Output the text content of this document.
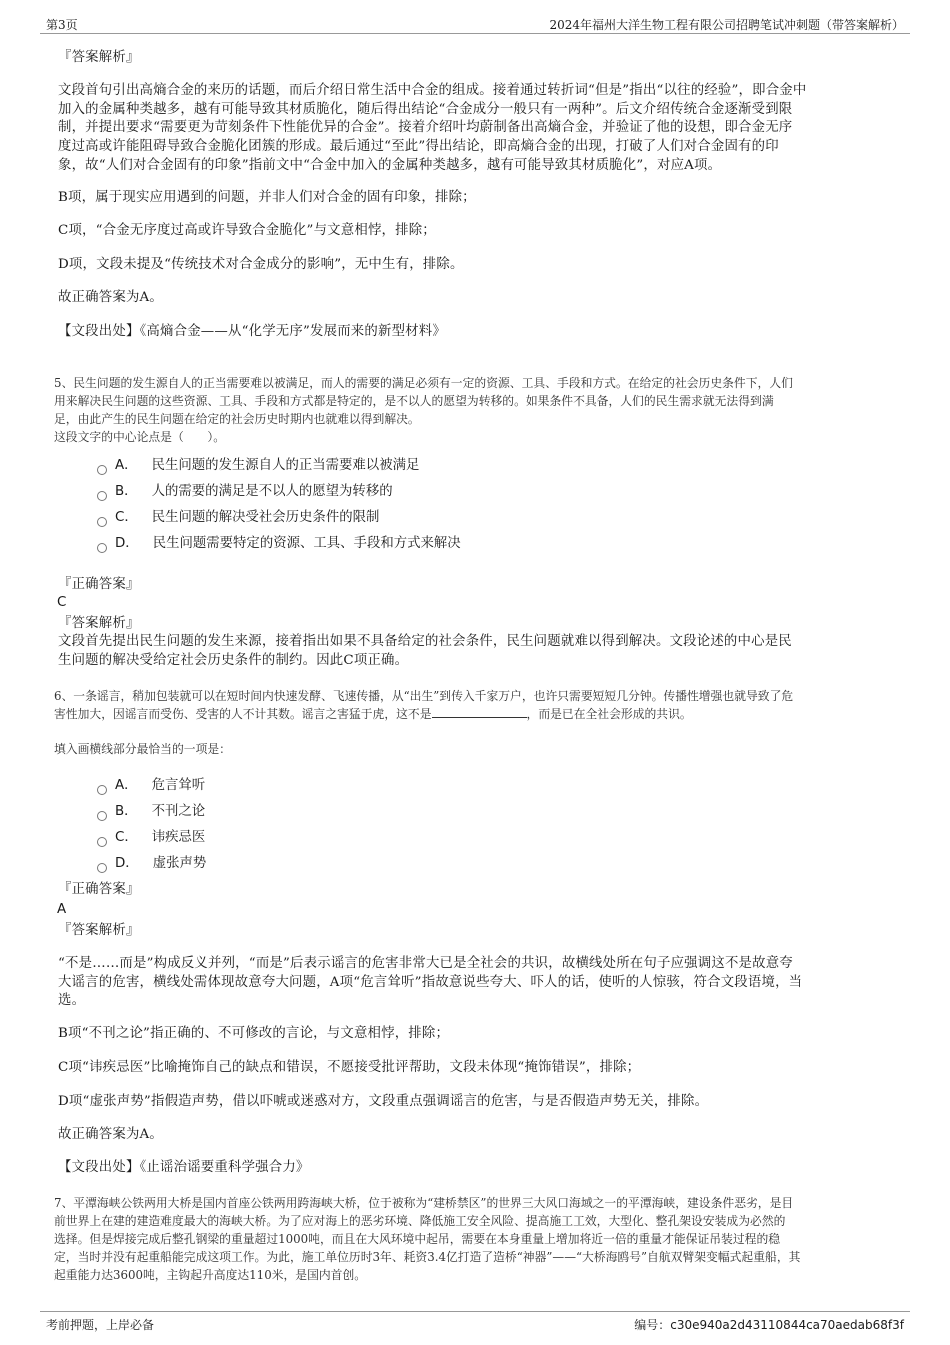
第3页	2024年福州大洋生物工程有限公司招聘笔试冲刺题（带答案解析）
『答案解析』
文段首句引出高熵合金的来历的话题，而后介绍日常生活中合金的组成。接着通过转折词“但是”指出“以往的经验”，即合金中
加入的金属种类越多，越有可能导致其材质脆化，随后得出结论“合金成分一般只有一两种”。后文介绍传统合金逐渐受到限
制，并提出要求“需要更为苛刻条件下性能优异的合金”。接着介绍叶均蔚制备出高熵合金，并验证了他的设想，即合金无序
度过高或许能阻碍导致合金脆化团簇的形成。最后通过“至此”得出结论，即高熵合金的出现，打破了人们对合金固有的印
象，故“人们对合金固有的印象”指前文中“合金中加入的金属种类越多，越有可能导致其材质脆化”，对应A项。
B项，属于现实应用遇到的问题，并非人们对合金的固有印象，排除；
C项，“合金无序度过高或许导致合金脆化”与文意相悖，排除；
D项，文段未提及“传统技术对合金成分的影响”，无中生有，排除。
故正确答案为A。
【文段出处】《高熵合金——从“化学无序”发展而来的新型材料》
5、民生问题的发生源自人的正当需要难以被满足，而人的需要的满足必须有一定的资源、工具、手段和方式。在给定的社会历史条件下，人们
用来解决民生问题的这些资源、工具、手段和方式都是特定的，是不以人的愿望为转移的。如果条件不具备，人们的民生需求就无法得到满
足，由此产生的民生问题在给定的社会历史时期内也就难以得到解决。
这段文字的中心论点是（　　）。
A． 民生问题的发生源自人的正当需要难以被满足
B． 人的需要的满足是不以人的愿望为转移的
C． 民生问题的解决受社会历史条件的限制
D． 民生问题需要特定的资源、工具、手段和方式来解决
『正确答案』
C
『答案解析』
文段首先提出民生问题的发生来源，接着指出如果不具备给定的社会条件，民生问题就难以得到解决。文段论述的中心是民
生问题的解决受给定社会历史条件的制约。因此C项正确。
6、一条谣言，稍加包装就可以在短时间内快速发酵、飞速传播，从“出生”到传入千家万户，也许只需要短短几分钟。传播性增强也就导致了危
害性加大，因谣言而受伤、受害的人不计其数。谣言之害猛于虎，这不是	，而是已在全社会形成的共识。
填入画横线部分最恰当的一项是：
A． 危言耸听
B． 不刊之论
C． 讳疾忌医
D． 虚张声势
『正确答案』
A
『答案解析』
“不是……而是”构成反义并列，“而是”后表示谣言的危害非常大已是全社会的共识，故横线处所在句子应强调这不是故意夸
大谣言的危害，横线处需体现故意夸大问题，A项“危言耸听”指故意说些夸大、吓人的话，使听的人惊骇，符合文段语境，当
选。
B项“不刊之论”指正确的、不可修改的言论，与文意相悖，排除；
C项“讳疾忌医”比喻掩饰自己的缺点和错误，不愿接受批评帮助，文段未体现“掩饰错误”，排除；
D项“虚张声势”指假造声势，借以吓唬或迷惑对方，文段重点强调谣言的危害，与是否假造声势无关，排除。
故正确答案为A。
【文段出处】《止谣治谣要重科学强合力》
7、平潭海峡公铁两用大桥是国内首座公铁两用跨海峡大桥，位于被称为“建桥禁区”的世界三大风口海域之一的平潭海峡，建设条件恶劣，是目
前世界上在建的建造难度最大的海峡大桥。为了应对海上的恶劣环境、降低施工安全风险、提高施工工效，大型化、整孔架设安装成为必然的
选择。但是焊接完成后整孔钢梁的重量超过1000吨，而且在大风环境中起吊，需要在本身重量上增加将近一倍的重量才能保证吊装过程的稳
定，当时并没有起重船能完成这项工作。为此，施工单位历时3年、耗资3.4亿打造了造桥“神器”——“大桥海鸥号”自航双臂架变幅式起重船，其
起重能力达3600吨，主钩起升高度达110米，是国内首创。
考前押题，上岸必备	编号：c30e940a2d43110844ca70aedab68f3f
